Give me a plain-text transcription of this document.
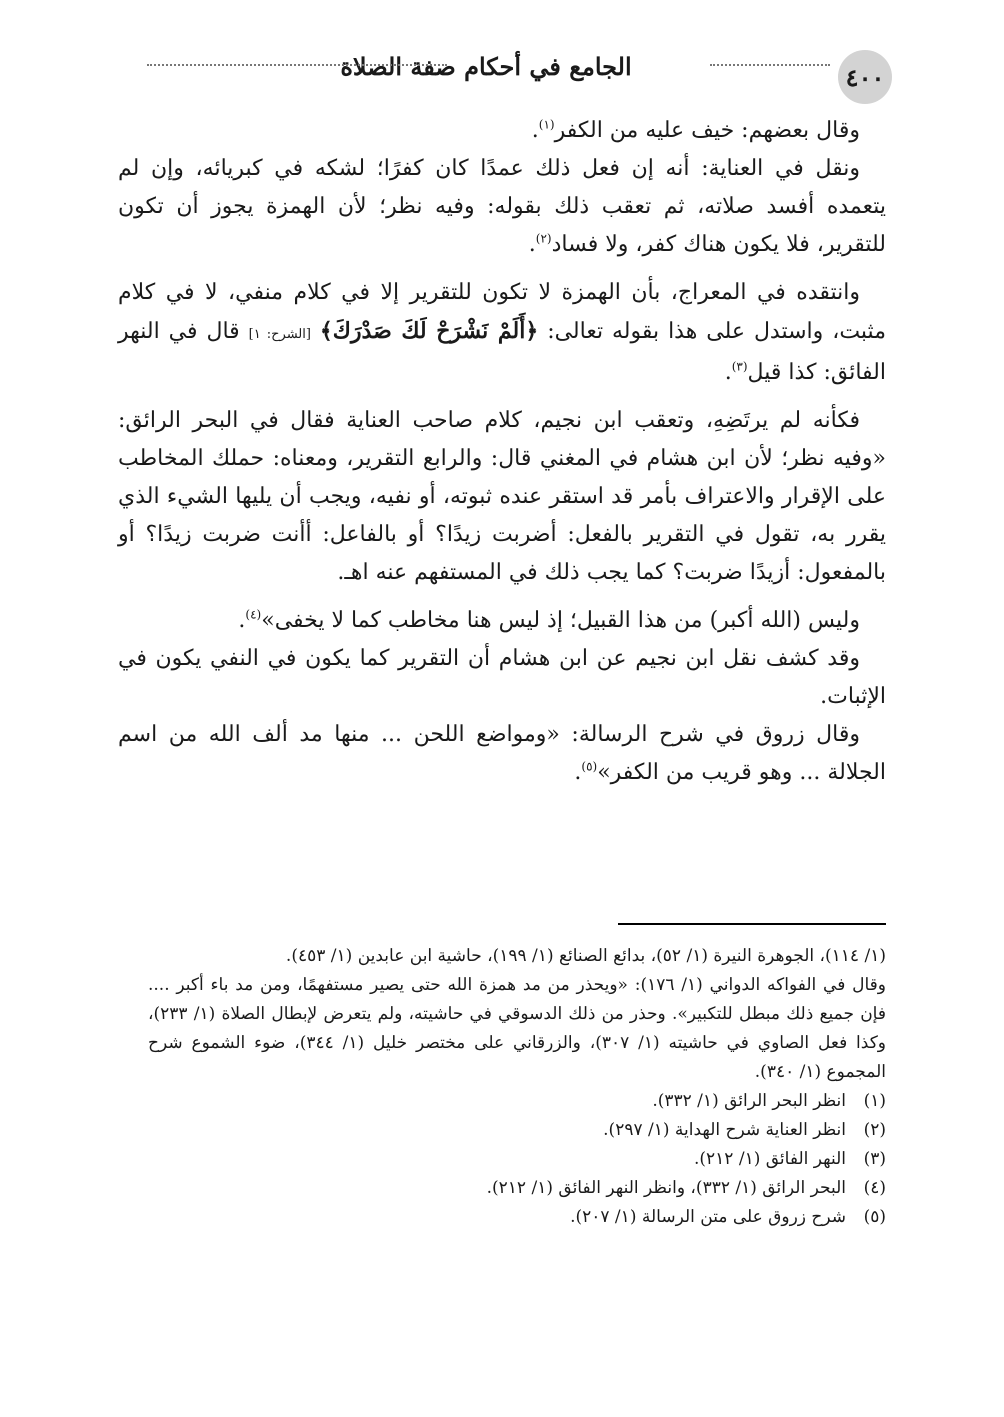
٤٠٠
الجامع في أحكام صفة الصلاة

وقال بعضهم: خيف عليه من الكفر$^{(١)}$.

ونقل في العناية: أنه إن فعل ذلك عمدًا كان كفرًا؛ لشكه في كبريائه، وإن لم يتعمده أفسد صلاته، ثم تعقب ذلك بقوله: وفيه نظر؛ لأن الهمزة يجوز أن تكون للتقرير، فلا يكون هناك كفر، ولا فساد$^{(٢)}$.

وانتقده في المعراج، بأن الهمزة لا تكون للتقرير إلا في كلام منفي، لا في كلام مثبت، واستدل على هذا بقوله تعالى: ﴿أَلَمْ نَشْرَحْ لَكَ صَدْرَكَ﴾ [الشرح: ١] قال في النهر الفائق: كذا قيل$^{(٣)}$.

فكأنه لم يرتَضِهِ، وتعقب ابن نجيم، كلام صاحب العناية فقال في البحر الرائق: «وفيه نظر؛ لأن ابن هشام في المغني قال: والرابع التقرير، ومعناه: حملك المخاطب على الإقرار والاعتراف بأمر قد استقر عنده ثبوته، أو نفيه، ويجب أن يليها الشيء الذي يقرر به، تقول في التقرير بالفعل: أضربت زيدًا؟ أو بالفاعل: أأنت ضربت زيدًا؟ أو بالمفعول: أزيدًا ضربت؟ كما يجب ذلك في المستفهم عنه اهـ.

وليس (الله أكبر) من هذا القبيل؛ إذ ليس هنا مخاطب كما لا يخفى»$^{(٤)}$.

وقد كشف نقل ابن نجيم عن ابن هشام أن التقرير كما يكون في النفي يكون في الإثبات.

وقال زروق في شرح الرسالة: «ومواضع اللحن ... منها مد ألف الله من اسم الجلالة ... وهو قريب من الكفر»$^{(٥)}$.

(١/ ١١٤)، الجوهرة النيرة (١/ ٥٢)، بدائع الصنائع (١/ ١٩٩)، حاشية ابن عابدين (١/ ٤٥٣).

وقال في الفواكه الدواني (١/ ١٧٦): «ويحذر من مد همزة الله حتى يصير مستفهمًا، ومن مد باء أكبر .... فإن جميع ذلك مبطل للتكبير». وحذر من ذلك الدسوقي في حاشيته، ولم يتعرض لإبطال الصلاة (١/ ٢٣٣)، وكذا فعل الصاوي في حاشيته (١/ ٣٠٧)، والزرقاني على مختصر خليل (١/ ٣٤٤)، ضوء الشموع شرح المجموع (١/ ٣٤٠).

(١)
انظر البحر الرائق (١/ ٣٣٢).
(٢)
انظر العناية شرح الهداية (١/ ٢٩٧).
(٣)
النهر الفائق (١/ ٢١٢).
(٤)
البحر الرائق (١/ ٣٣٢)، وانظر النهر الفائق (١/ ٢١٢).
(٥)
شرح زروق على متن الرسالة (١/ ٢٠٧).
